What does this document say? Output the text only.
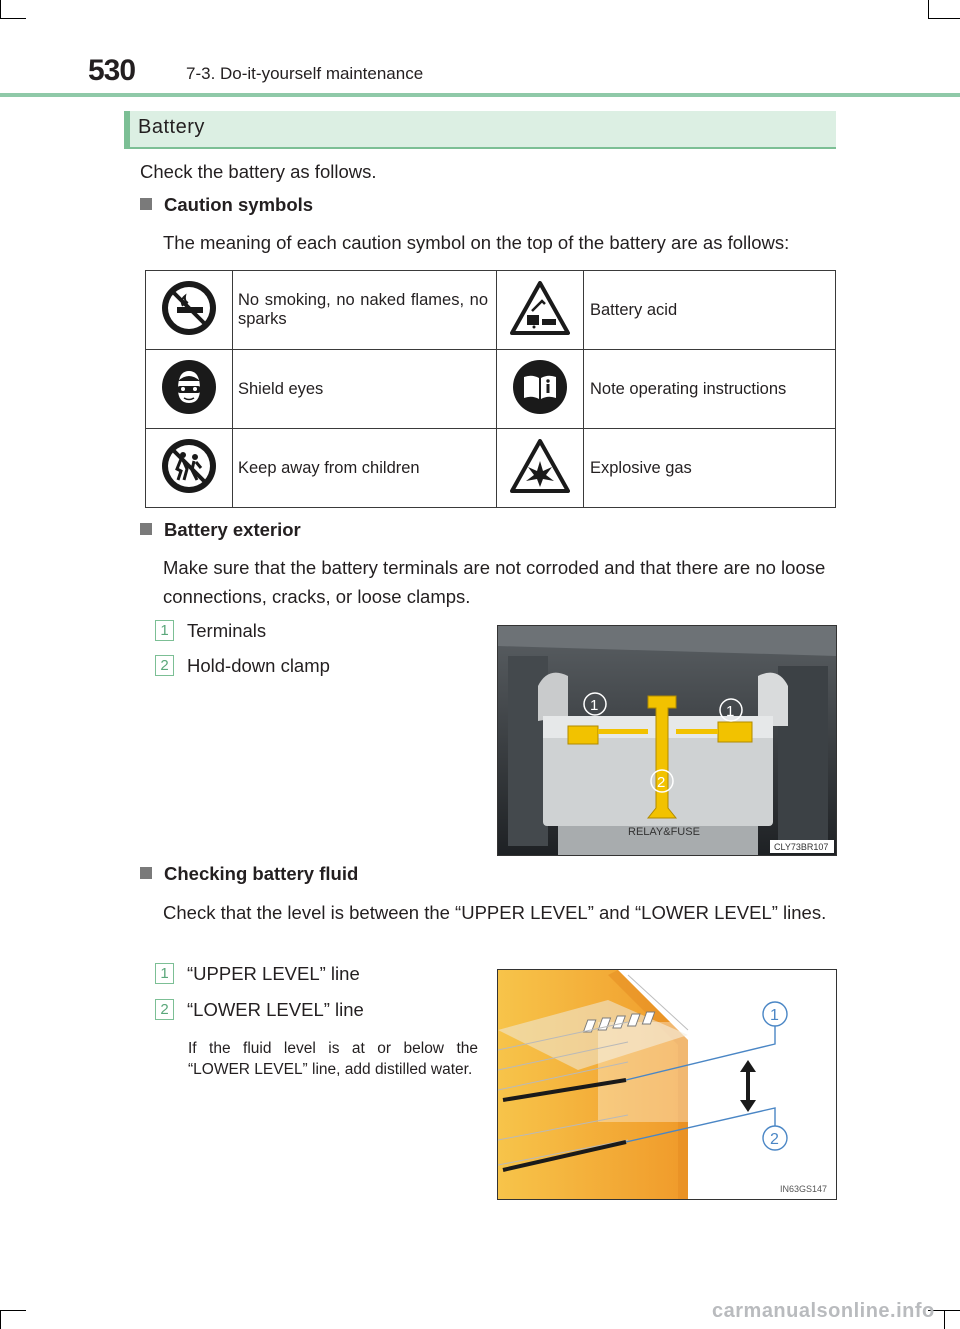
530	7-3. Do-it-yourself maintenance
Battery
Check the battery as follows.
Caution symbols
The meaning of each caution symbol on the top of the battery are as follows:

No smoking, no naked flames, no sparks		Battery acid
	Shield eyes		Note operating instructions
	Keep away from children		Explosive gas
Battery exterior
Make sure that the battery terminals are not corroded and that there are no loose connections, cracks, or loose clamps.
1 Terminals
2 Hold-down clamp
RELAY&FUSE
1	1
2
CLY73BR107
Checking battery fluid
Check that the level is between the “UPPER LEVEL” and “LOWER LEVEL” lines.
1 “UPPER LEVEL” line
2 “LOWER LEVEL” line
If the fluid level is at or below the “LOWER LEVEL” line, add distilled water.
1
2
IN63GS147
carmanualsonline.info
